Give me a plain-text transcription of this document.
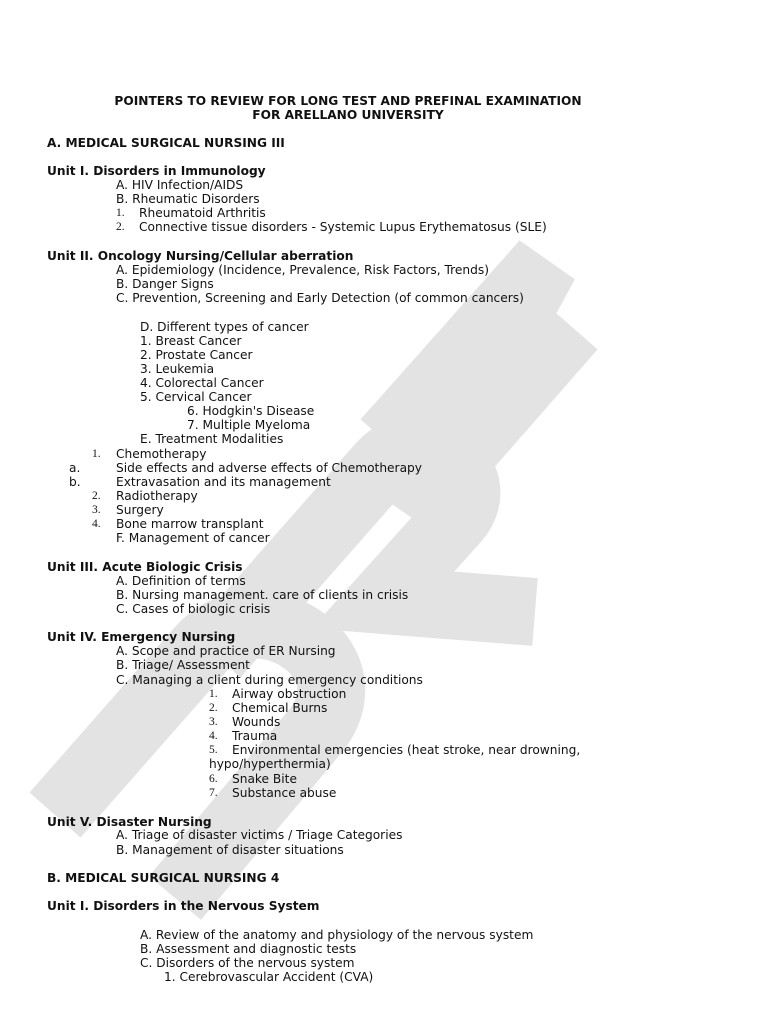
POINTERS TO REVIEW FOR LONG TEST AND PREFINAL EXAMINATION
FOR ARELLANO UNIVERSITY
A. MEDICAL SURGICAL NURSING III
Unit I. Disorders in Immunology
A. HIV Infection/AIDS
B. Rheumatic Disorders
1. Rheumatoid Arthritis
2. Connective tissue disorders - Systemic Lupus Erythematosus (SLE)
Unit II. Oncology Nursing/Cellular aberration
A. Epidemiology (Incidence, Prevalence, Risk Factors, Trends)
B. Danger Signs
C. Prevention, Screening and Early Detection (of common cancers)
D. Different types of cancer
1. Breast Cancer
2. Prostate Cancer
3. Leukemia
4. Colorectal Cancer
5. Cervical Cancer
6. Hodgkin's Disease
7. Multiple Myeloma
E. Treatment Modalities
1. Chemotherapy
a.	Side effects and adverse effects of Chemotherapy
b.	Extravasation and its management
2. Radiotherapy
3. Surgery
4. Bone marrow transplant
F. Management of cancer
Unit III. Acute Biologic Crisis
A. Definition of terms
B. Nursing management. care of clients in crisis
C. Cases of biologic crisis
Unit IV. Emergency Nursing
A. Scope and practice of ER Nursing
B. Triage/ Assessment
C. Managing a client during emergency conditions
1. Airway obstruction
2. Chemical Burns
3. Wounds
4. Trauma
5. Environmental emergencies (heat stroke, near drowning,
hypo/hyperthermia)
6. Snake Bite
7. Substance abuse
Unit V. Disaster Nursing
A. Triage of disaster victims / Triage Categories
B. Management of disaster situations
B. MEDICAL SURGICAL NURSING 4
Unit I. Disorders in the Nervous System
A. Review of the anatomy and physiology of the nervous system
B. Assessment and diagnostic tests
C. Disorders of the nervous system
1. Cerebrovascular Accident (CVA)
